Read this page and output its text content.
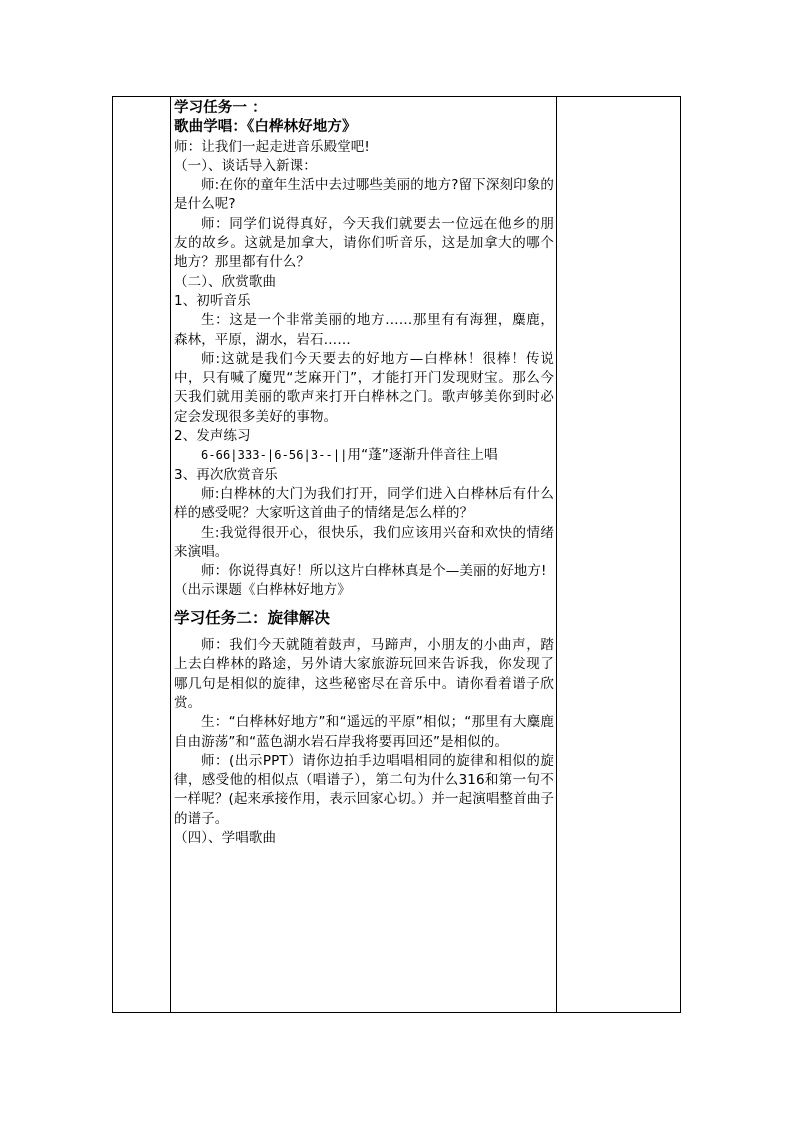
学习任务一 ：

歌曲学唱：《白桦林好地方》

师：让我们一起走进音乐殿堂吧!

（一）、谈话导入新课：

师:在你的童年生活中去过哪些美丽的地方?留下深刻印象的是什么呢?

师：同学们说得真好，今天我们就要去一位远在他乡的朋友的故乡。这就是加拿大，请你们听音乐，这是加拿大的哪个地方？那里都有什么？

（二）、欣赏歌曲

1、初听音乐

生：这是一个非常美丽的地方……那里有有海狸，麋鹿，森林，平原，湖水，岩石……

师:这就是我们今天要去的好地方—白桦林！很棒！传说中，只有喊了魔咒“芝麻开门”，才能打开门发现财宝。那么今天我们就用美丽的歌声来打开白桦林之门。歌声够美你到时必定会发现很多美好的事物。

2、发声练习

6-66|333-|6-56|3--||用“蓬”逐渐升伴音往上唱

3、再次欣赏音乐

师:白桦林的大门为我们打开，同学们进入白桦林后有什么样的感受呢？大家听这首曲子的情绪是怎么样的？

生:我觉得很开心，很快乐，我们应该用兴奋和欢快的情绪来演唱。

师：你说得真好！所以这片白桦林真是个—美丽的好地方!

（出示课题《白桦林好地方》

学习任务二：旋律解决

师：我们今天就随着鼓声，马蹄声，小朋友的小曲声，踏上去白桦林的路途，另外请大家旅游玩回来告诉我，你发现了哪几句是相似的旋律，这些秘密尽在音乐中。请你看着谱子欣赏。

生：“白桦林好地方”和“遥远的平原”相似；“那里有大麋鹿自由游荡”和“蓝色湖水岩石岸我将要再回还”是相似的。

师：(出示PPT）请你边拍手边唱唱相同的旋律和相似的旋律，感受他的相似点（唱谱子），第二句为什么316和第一句不一样呢？(起来承接作用，表示回家心切。）并一起演唱整首曲子的谱子。

（四）、学唱歌曲
